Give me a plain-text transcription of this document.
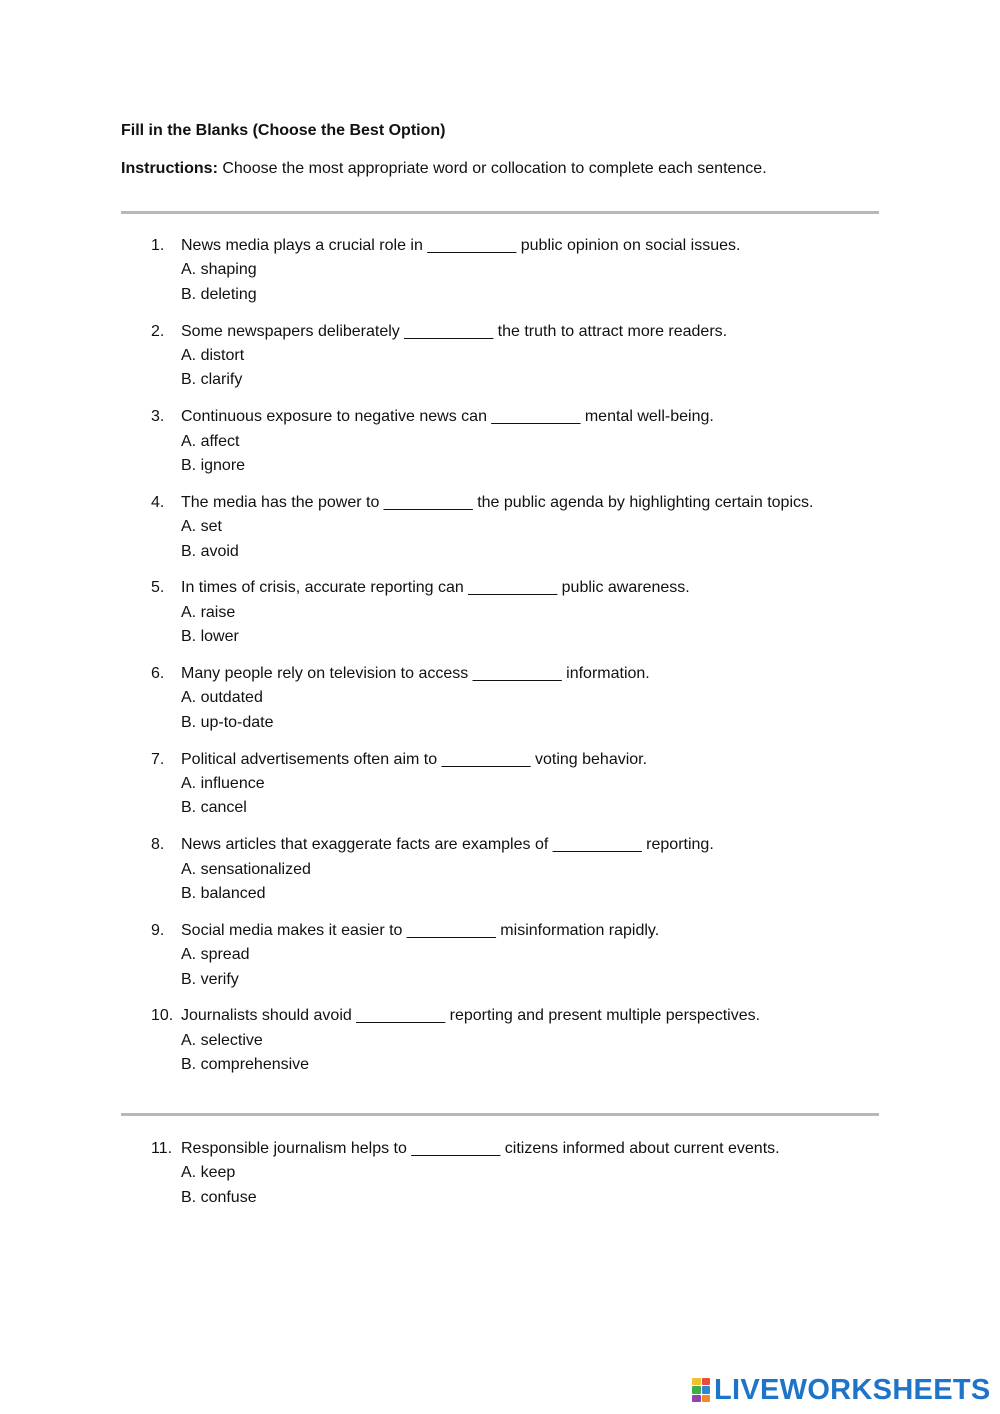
Fill in the Blanks (Choose the Best Option)
Instructions: Choose the most appropriate word or collocation to complete each sentence.
1. News media plays a crucial role in __________ public opinion on social issues.
A. shaping
B. deleting
2. Some newspapers deliberately __________ the truth to attract more readers.
A. distort
B. clarify
3. Continuous exposure to negative news can __________ mental well-being.
A. affect
B. ignore
4. The media has the power to __________ the public agenda by highlighting certain topics.
A. set
B. avoid
5. In times of crisis, accurate reporting can __________ public awareness.
A. raise
B. lower
6. Many people rely on television to access __________ information.
A. outdated
B. up-to-date
7. Political advertisements often aim to __________ voting behavior.
A. influence
B. cancel
8. News articles that exaggerate facts are examples of __________ reporting.
A. sensationalized
B. balanced
9. Social media makes it easier to __________ misinformation rapidly.
A. spread
B. verify
10. Journalists should avoid __________ reporting and present multiple perspectives.
A. selective
B. comprehensive
11. Responsible journalism helps to __________ citizens informed about current events.
A. keep
B. confuse
LIVEWORKSHEETS
